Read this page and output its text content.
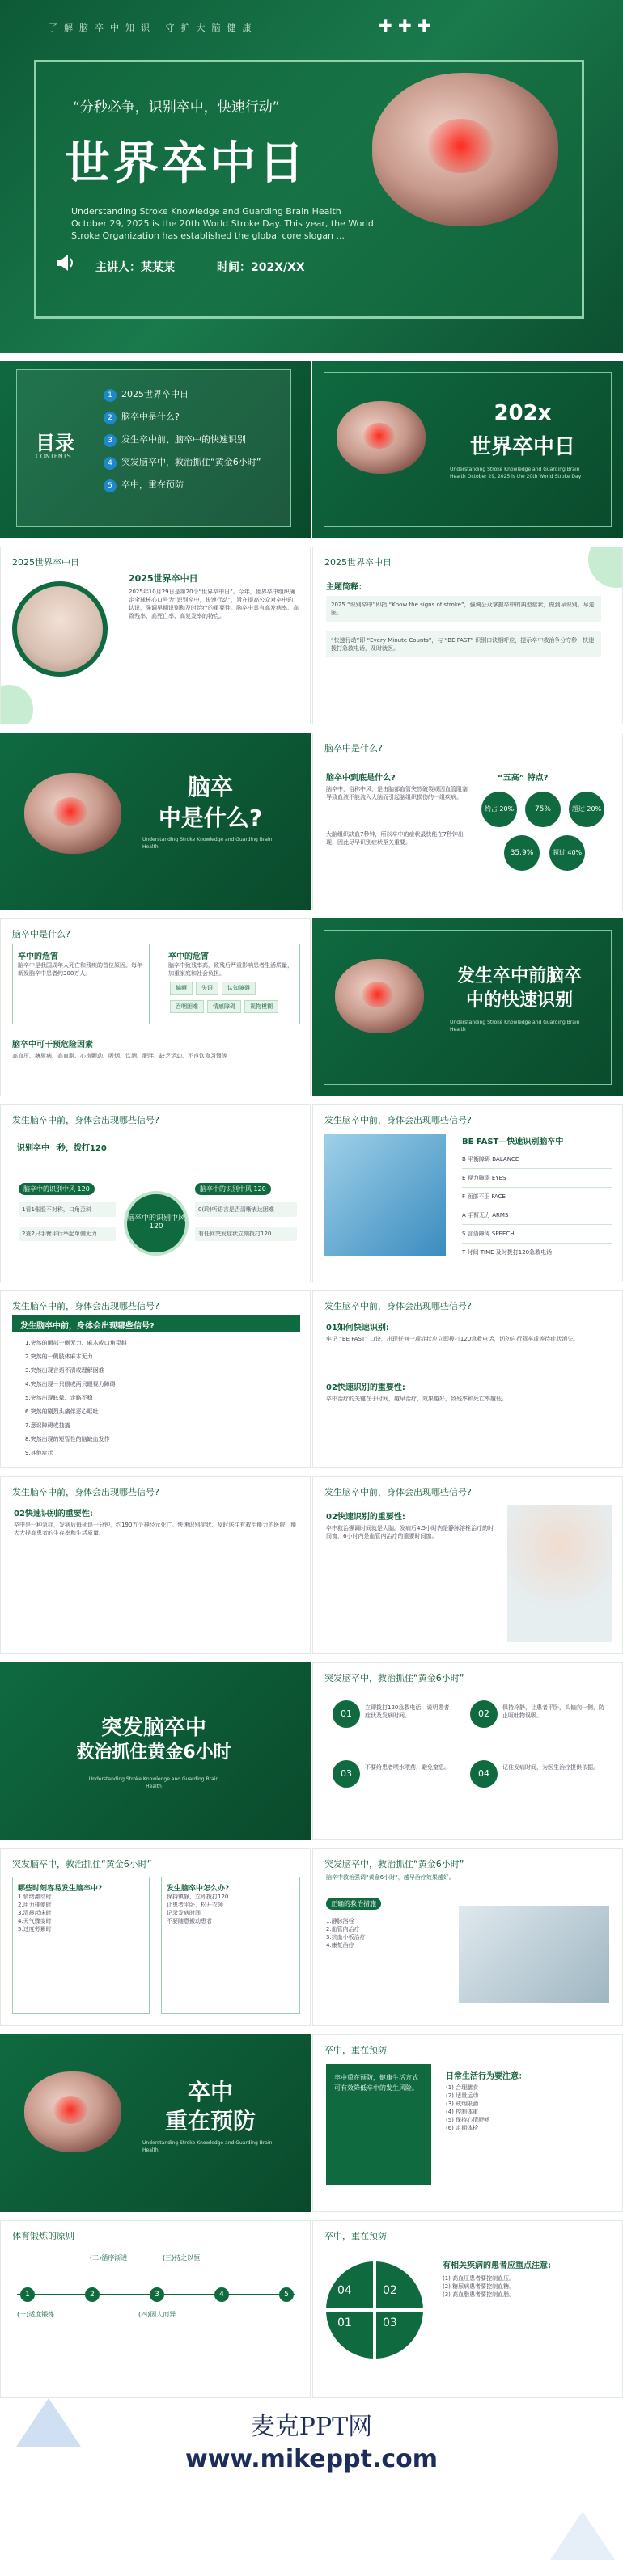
了解脑卒中知识 守护大脑健康	✚ ✚ ✚
“分秒必争，识别卒中，快速行动”
世界卒中日
Understanding Stroke Knowledge and Guarding Brain Health October 29, 2025 is the 20th World Stroke Day. This year, the World Stroke Organization has established the global core slogan ...
主讲人：某某某	时间：202X/XX
目录
CONTENTS
1 2025世界卒中日
2 脑卒中是什么?
3 发生卒中前、脑卒中的快速识别
4 突发脑卒中，救治抓住“黄金6小时”
5 卒中，重在预防
202x
世界卒中日
Understanding Stroke Knowledge and Guarding Brain Health October 29, 2025 is the 20th World Stroke Day
2025世界卒中日
2025世界卒中日
2025年10月29日是第20个“世界卒中日”。今年，世界卒中组织确定全球核心口号为“识别卒中，快速行动”，旨在提高公众对卒中的认识，强调早期识别和及时治疗的重要性。脑卒中具有高发病率、高致残率、高死亡率、高复发率的特点。
2025世界卒中日
主题简释：
2025 “识别卒中”即指 “Know the signs of stroke”，强调公众掌握卒中的典型症状，做到早识别、早送医。
“快速行动”即 “Every Minute Counts”，与 “BE FAST” 识别口诀相呼应，提示卒中救治争分夺秒，快速拨打急救电话，及时就医。
脑卒
中是什么?
Understanding Stroke Knowledge and Guarding Brain Health
脑卒中是什么?
脑卒中到底是什么?
脑卒中，俗称中风，是由脑部血管突然破裂或因血管阻塞导致血液不能流入大脑而引起脑组织损伤的一组疾病。
大脑组织缺血7秒钟，所以卒中的症状最快能在7秒钟出现，因此尽早识别症状至关重要。
“五高” 特点?
约占 20%	75%	超过 20%
35.9%	超过 40%
脑卒中是什么?
卒中的危害
脑卒中是我国成年人死亡和残疾的首位原因。每年新发脑卒中患者约300万人。
卒中的危害
脑卒中致残率高，致残后严重影响患者生活质量，加重家庭和社会负担。
偏瘫	失语	认知障碍 吞咽困难	情感障碍	视物模糊
脑卒中可干预危险因素
高血压、糖尿病、高血脂、心房颤动、吸烟、饮酒、肥胖、缺乏运动、不良饮食习惯等
发生卒中前脑卒
中的快速识别
Understanding Stroke Knowledge and Guarding Brain Health
发生脑卒中前，身体会出现哪些信号?
识别卒中一秒，拨打120
脑卒中的识别中风 120
1看1张脸不对称，口角歪斜
2查2只手臂平行举起单侧无力
脑卒中的识别中风120
脑卒中的识别中风 120
0(聆)听语言是否清晰表达困难
有任何突发症状立刻拨打120
发生脑卒中前，身体会出现哪些信号?
BE FAST—快速识别脑卒中
B 平衡障碍 BALANCE
E 视力障碍 EYES
F 面部不正 FACE
A 手臂无力 ARMS
S 言语障碍 SPEECH
T 时间 TIME 及时拨打120急救电话
发生脑卒中前，身体会出现哪些信号?
发生脑卒中前，身体会出现哪些信号?
1.突然的面部一侧无力、麻木或口角歪斜
2.突然的一侧肢体麻木无力
3.突然出现言语不清或理解困难
4.突然出现一只眼或两只眼视力障碍
5.突然出现眩晕、走路不稳
6.突然的剧烈头痛伴恶心呕吐
7.意识障碍或抽搐
8.突然出现的短暂性的脑缺血发作
9.其他症状
发生脑卒中前，身体会出现哪些信号?
01如何快速识别:
牢记 “BE FAST” 口诀，出现任何一项症状应立即拨打120急救电话，切勿自行驾车或等待症状消失。
02快速识别的重要性:
卒中治疗的关键在于时间，越早治疗，效果越好，致残率和死亡率越低。
发生脑卒中前，身体会出现哪些信号?
02快速识别的重要性:
卒中是一种急症，发病后每延误一分钟，约190万个神经元死亡。快速识别症状、及时送往有救治能力的医院，能大大提高患者的生存率和生活质量。
发生脑卒中前，身体会出现哪些信号?
02快速识别的重要性:
卒中救治强调时间就是大脑。发病后4.5小时内是静脉溶栓治疗的时间窗，6小时内是血管内治疗的重要时间窗。
突发脑卒中
救治抓住黄金6小时
Understanding Stroke Knowledge and Guarding Brain Health
突发脑卒中，救治抓住“黄金6小时”
01
立即拨打120急救电话，说明患者症状及发病时间。	02
保持冷静，让患者平卧，头偏向一侧，防止呕吐物误吸。
03
不要给患者喂水喂药，避免窒息。
04
记住发病时间，为医生治疗提供依据。
突发脑卒中，救治抓住“黄金6小时”
哪些时刻容易发生脑卒中?
1.情绪激动时
2.用力排便时
3.清晨起床时
4.天气骤变时
5.过度劳累时
发生脑卒中怎么办?
保持镇静，立即拨打120
让患者平卧，松开衣领
记录发病时间
不要随意搬动患者
突发脑卒中，救治抓住“黄金6小时”
脑卒中救治强调“黄金6小时”，越早治疗效果越好。
正确的救治措施
1.静脉溶栓
2.血管内治疗
3.抗血小板治疗
4.康复治疗
卒中
重在预防
Understanding Stroke Knowledge and Guarding Brain Health
卒中，重在预防
卒中重在预防，健康生活方式可有效降低卒中的发生风险。
日常生活行为要注意：
(1) 合理膳食
(2) 适量运动
(3) 戒烟限酒
(4) 控制体重
(5) 保持心情舒畅
(6) 定期体检
体育锻炼的原则
1	2	3	4	5
(一)适度锻炼
(二)循序渐进	(三)持之以恒
(四)因人而异
卒中，重在预防
01
02
03
04
有相关疾病的患者应重点注意:
(1) 高血压患者要控制血压。
(2) 糖尿病患者要控制血糖。
(3) 高血脂患者要控制血脂。
麦克PPT网
www.mikeppt.com
